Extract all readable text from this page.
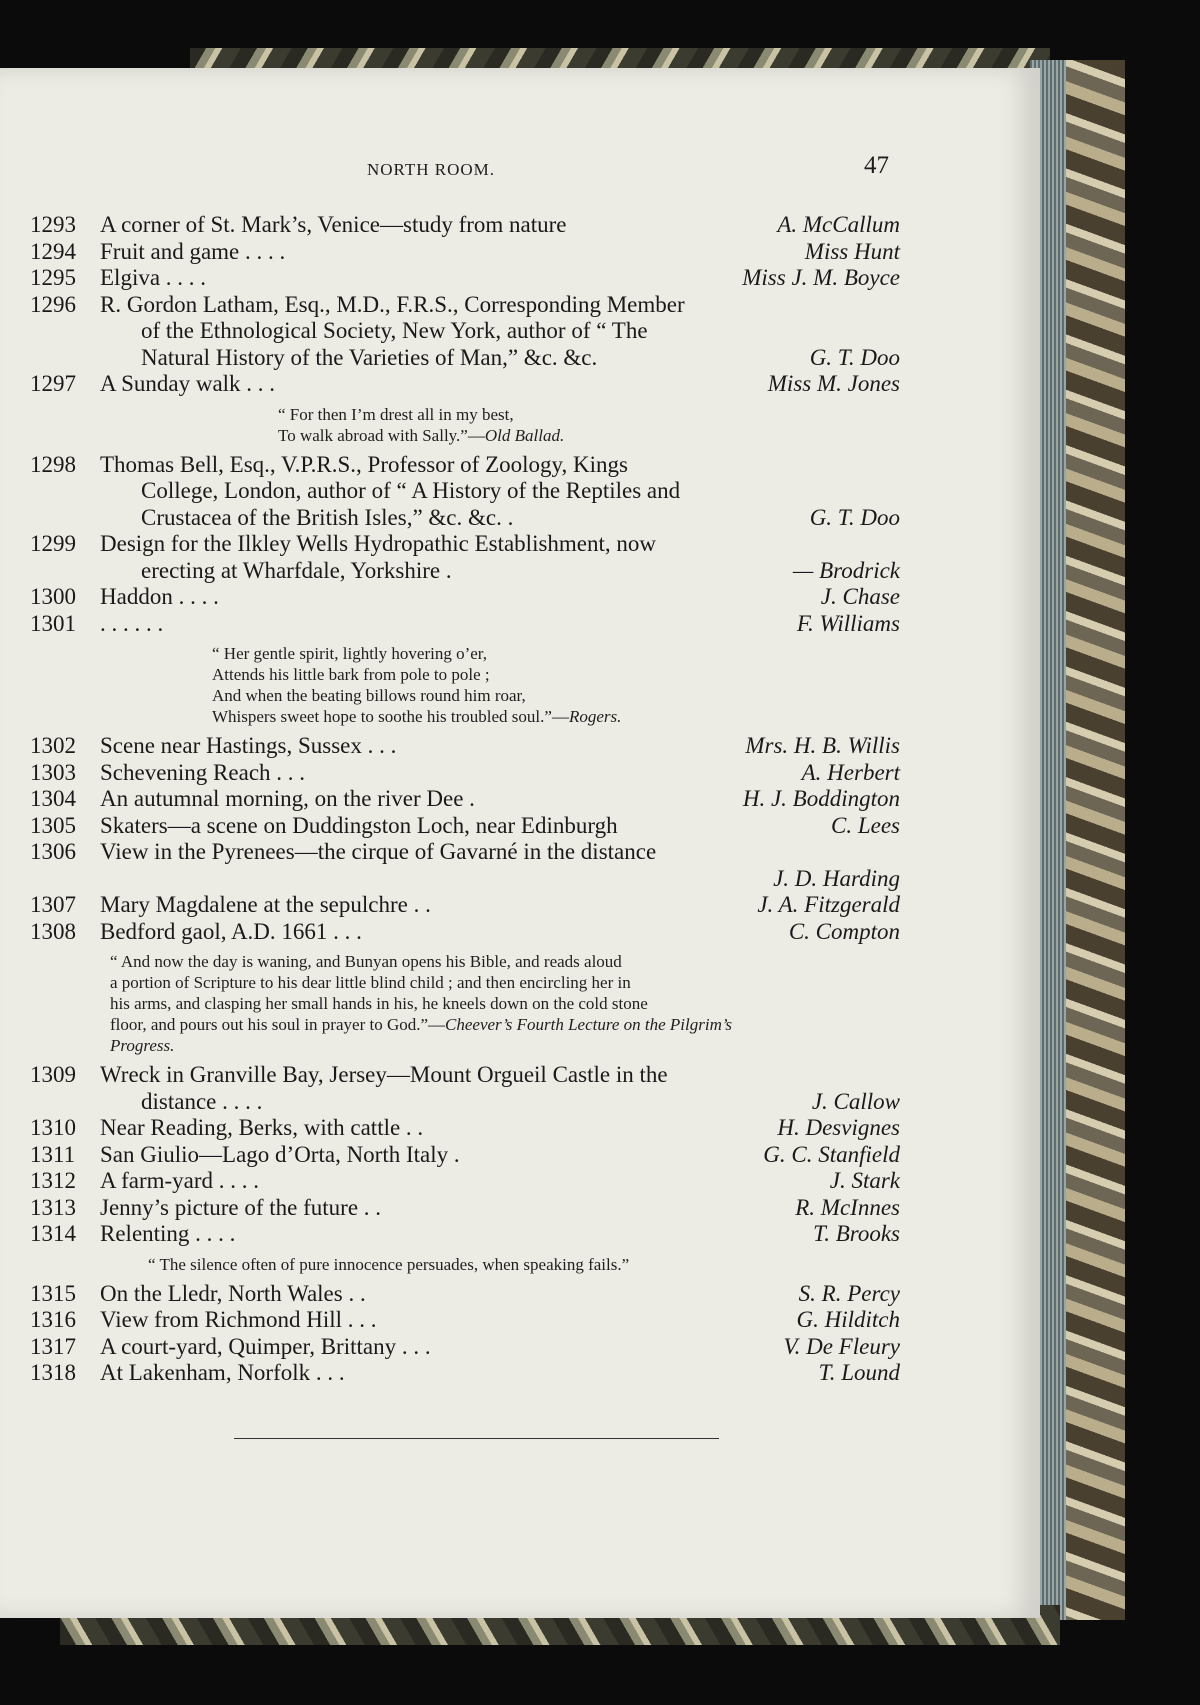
NORTH ROOM.	47
1293	A corner of St. Mark’s, Venice—study from nature	A. McCallum
1294	Fruit and game . . . .	Miss Hunt
1295	Elgiva . . . .	Miss J. M. Boyce
1296	R. Gordon Latham, Esq., M.D., F.R.S., Corresponding Member
of the Ethnological Society, New York, author of “ The
Natural History of the Varieties of Man,” &c. &c.	G. T. Doo
1297	A Sunday walk . . .	Miss M. Jones
“ For then I’m drest all in my best,
To walk abroad with Sally.”—Old Ballad.
1298	Thomas Bell, Esq., V.P.R.S., Professor of Zoology, Kings
College, London, author of “ A History of the Reptiles and
Crustacea of the British Isles,” &c. &c. .	G. T. Doo
1299	Design for the Ilkley Wells Hydropathic Establishment, now
erecting at Wharfdale, Yorkshire .	— Brodrick
1300	Haddon . . . .	J. Chase
1301	. . . . . .	F. Williams
“ Her gentle spirit, lightly hovering o’er,
Attends his little bark from pole to pole ;
And when the beating billows round him roar,
Whispers sweet hope to soothe his troubled soul.”—Rogers.
1302	Scene near Hastings, Sussex . . .	Mrs. H. B. Willis
1303	Schevening Reach . . .	A. Herbert
1304	An autumnal morning, on the river Dee .	H. J. Boddington
1305	Skaters—a scene on Duddingston Loch, near Edinburgh	C. Lees
1306	View in the Pyrenees—the cirque of Gavarné in the distance
J. D. Harding
1307	Mary Magdalene at the sepulchre . .	J. A. Fitzgerald
1308	Bedford gaol, A.D. 1661 . . .	C. Compton
“ And now the day is waning, and Bunyan opens his Bible, and reads aloud
a portion of Scripture to his dear little blind child ; and then encircling her in
his arms, and clasping her small hands in his, he kneels down on the cold stone
floor, and pours out his soul in prayer to God.”—Cheever’s Fourth Lecture on the Pilgrim’s Progress.
1309	Wreck in Granville Bay, Jersey—Mount Orgueil Castle in the
distance . . . .	J. Callow
1310	Near Reading, Berks, with cattle . .	H. Desvignes
1311	San Giulio—Lago d’Orta, North Italy .	G. C. Stanfield
1312	A farm-yard . . . .	J. Stark
1313	Jenny’s picture of the future . .	R. McInnes
1314	Relenting . . . .	T. Brooks
“ The silence often of pure innocence persuades, when speaking fails.”
1315	On the Lledr, North Wales . .	S. R. Percy
1316	View from Richmond Hill . . .	G. Hilditch
1317	A court-yard, Quimper, Brittany . . .	V. De Fleury
1318	At Lakenham, Norfolk . . .	T. Lound
